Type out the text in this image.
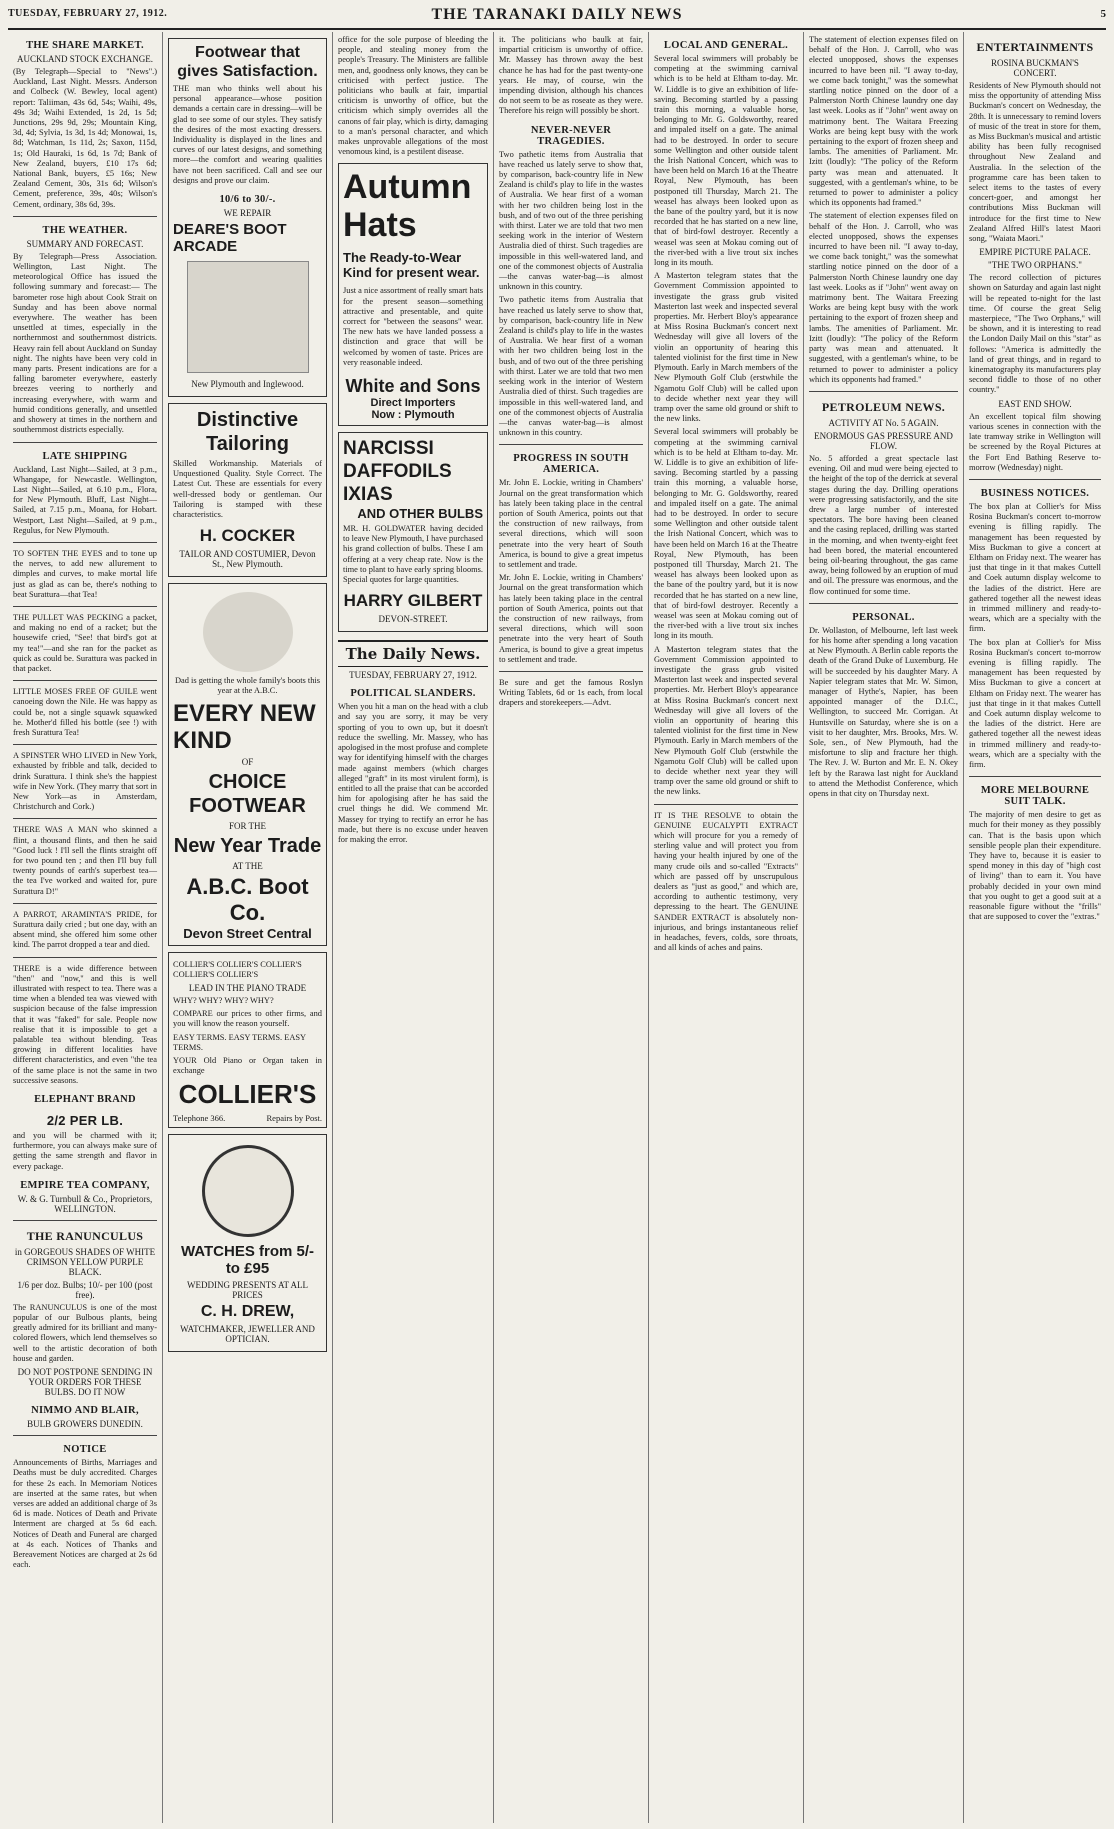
TUESDAY, FEBRUARY 27, 1912.	THE TARANAKI DAILY NEWS	5
THE SHARE MARKET.
AUCKLAND STOCK EXCHANGE.
(By Telegraph—Special to "News".) Auckland, Last Night. Messrs. Anderson and Colbeck (W. Bewley, local agent) report: Taliiman, 43s 6d, 54s; Waihi, 49s, 49s 3d; Waihi Extended, 1s 2d, 1s 5d; Junctions, 29s 9d, 29s; Mountain King, 3d, 4d; Sylvia, 1s 3d, 1s 4d; Monowai, 1s, 8d; Watchman, 1s 11d, 2s; Saxon, 115d, 1s; Old Hauraki, 1s 6d, 1s 7d; Bank of New Zealand, buyers, £10 17s 6d; National Bank, buyers, £5 16s; New Zealand Cement, 30s, 31s 6d; Wilson's Cement, preference, 39s, 40s; Wilson's Cement, ordinary, 38s 6d, 39s.
THE WEATHER.
SUMMARY AND FORECAST.
By Telegraph—Press Association. Wellington, Last Night. The meteorological Office has issued the following summary and forecast:— The barometer rose high about Cook Strait on Sunday and has been above normal everywhere. The weather has been unsettled at times, especially in the northernmost and southernmost districts. Heavy rain fell about Auckland on Sunday night. The nights have been very cold in many parts. Present indications are for a falling barometer everywhere, easterly breezes veering to northerly and increasing everywhere, with warm and humid conditions generally, and unsettled and showery at times in the northern and southernmost districts especially.
LATE SHIPPING
Auckland, Last Night—Sailed, at 3 p.m., Whangape, for Newcastle. Wellington, Last Night—Sailed, at 6.10 p.m., Flora, for New Plymouth. Bluff, Last Night—Sailed, at 7.15 p.m., Moana, for Hobart. Westport, Last Night—Sailed, at 9 p.m., Regulus, for New Plymouth.
TO SOFTEN THE EYES and to tone up the nerves, to add new allurement to dimples and curves, to make mortal life just as glad as can be, there's nothing to beat Surattura—that Tea!
THE PULLET WAS PECKING a packet, and making no end of a racket; but the housewife cried, "See! that bird's got at my tea!"—and she ran for the packet as quick as could be. Surattura was packed in that packet.
LITTLE MOSES FREE OF GUILE went canoeing down the Nile. He was happy as could be, not a single squawk squawked he. Mother'd filled his bottle (see !) with fresh Surattura Tea!
A SPINSTER WHO LIVED in New York, exhausted by fribble and talk, decided to drink Surattura. I think she's the happiest wife in New York. (They marry that sort in New York—as in Amsterdam, Christchurch and Cork.)
THERE WAS A MAN who skinned a flint, a thousand flints, and then he said "Good luck ! I'll sell the flints straight off for two pound ten ; and then I'll buy full twenty pounds of earth's superbest tea—the tea I've worked and waited for, pure Surattura D!"
A PARROT, ARAMINTA'S PRIDE, for Surattura daily cried ; but one day, with an absent mind, she offered him some other kind. The parrot dropped a tear and died.
THERE is a wide difference between "then" and "now," and this is well illustrated with respect to tea. There was a time when a blended tea was viewed with suspicion because of the false impression that it was "faked" for sale. People now realise that it is impossible to get a palatable tea without blending. Teas growing in different localities have different characteristics, and even "the tea of the same place is not the same in two successive seasons.
ELEPHANT BRAND
2/2 PER LB.
and you will be charmed with it; furthermore, you can always make sure of getting the same strength and flavor in every package.
EMPIRE TEA COMPANY,
W. & G. Turnbull & Co., Proprietors, WELLINGTON.
THE RANUNCULUS
in GORGEOUS SHADES OF WHITE CRIMSON YELLOW PURPLE BLACK.
1/6 per doz. Bulbs; 10/- per 100 (post free).
The RANUNCULUS is one of the most popular of our Bulbous plants, being greatly admired for its brilliant and many-colored flowers, which lend themselves so well to the artistic decoration of both house and garden.
DO NOT POSTPONE SENDING IN YOUR ORDERS FOR THESE BULBS. DO IT NOW
NIMMO AND BLAIR,
BULB GROWERS DUNEDIN.
NOTICE
Announcements of Births, Marriages and Deaths must be duly accredited. Charges for these 2s each. In Memoriam Notices are inserted at the same rates, but when verses are added an additional charge of 3s 6d is made. Notices of Death and Private Interment are charged at 5s 6d each. Notices of Death and Funeral are charged at 4s each. Notices of Thanks and Bereavement Notices are charged at 2s 6d each.
Footwear that gives Satisfaction.
THE man who thinks well about his personal appearance—whose position demands a certain care in dressing—will be glad to see some of our styles. They satisfy the desires of the most exacting dressers. Individuality is displayed in the lines and curves of our latest designs, and something more—the comfort and wearing qualities have not been sacrificed. Call and see our designs and prove our claim.
10/6 to 30/-.
WE REPAIR
DEARE'S BOOT ARCADE
New Plymouth and Inglewood.
Distinctive Tailoring
Skilled Workmanship. Materials of Unquestioned Quality. Style Correct. The Latest Cut. These are essentials for every well-dressed body or gentleman. Our Tailoring is stamped with these characteristics.
H. COCKER
TAILOR AND COSTUMIER, Devon St., New Plymouth.
Dad is getting the whole family's boots this year at the A.B.C.
EVERY NEW KIND
OF
CHOICE FOOTWEAR
FOR THE
New Year Trade
AT THE
A.B.C. Boot Co.
Devon Street Central
COLLIER'S COLLIER'S COLLIER'S COLLIER'S COLLIER'S
LEAD IN THE PIANO TRADE
WHY? WHY? WHY? WHY?
COMPARE our prices to other firms, and you will know the reason yourself.
EASY TERMS. EASY TERMS. EASY TERMS.
YOUR Old Piano or Organ taken in exchange
COLLIER'S
Telephone 366.	Repairs by Post.
WATCHES from 5/- to £95
WEDDING PRESENTS AT ALL PRICES
C. H. DREW,
WATCHMAKER, JEWELLER AND OPTICIAN.
office for the sole purpose of bleeding the people, and stealing money from the people's Treasury. The Ministers are fallible men, and, goodness only knows, they can be criticised with perfect justice. The politicians who baulk at fair, impartial criticism is unworthy of office, but the criticism which simply overrides all the canons of fair play, which is dirty, damaging to a man's personal character, and which makes unprovable allegations of the most venomous kind, is a pestilent disease.
Autumn Hats
The Ready-to-Wear Kind for present wear.
Just a nice assortment of really smart hats for the present season—something attractive and presentable, and quite correct for "between the seasons" wear. The new hats we have landed possess a distinction and grace that will be welcomed by women of taste. Prices are very reasonable indeed.
White and Sons
Direct Importers
Now : Plymouth
NARCISSI DAFFODILS IXIAS
AND OTHER BULBS
MR. H. GOLDWATER having decided to leave New Plymouth, I have purchased his grand collection of bulbs. These I am offering at a very cheap rate. Now is the time to plant to have early spring blooms. Special quotes for large quantities.
HARRY GILBERT
DEVON-STREET.
The Daily News.
TUESDAY, FEBRUARY 27, 1912.
POLITICAL SLANDERS.
When you hit a man on the head with a club and say you are sorry, it may be very sporting of you to own up, but it doesn't reduce the swelling. Mr. Massey, who has apologised in the most profuse and complete way for identifying himself with the charges made against members (which charges alleged "graft" in its most virulent form), is entitled to all the praise that can be accorded him for apologising after he has said the cruel things he did. We commend Mr. Massey for trying to rectify an error he has made, but there is no excuse under heaven for making the error.
it. The politicians who baulk at fair, impartial criticism is unworthy of office. Mr. Massey has thrown away the best chance he has had for the past twenty-one years. He may, of course, win the impending division, although his chances do not seem to be as roseate as they were. Therefore his reign will possibly be short.
NEVER-NEVER TRAGEDIES.
Two pathetic items from Australia that have reached us lately serve to show that, by comparison, back-country life in New Zealand is child's play to life in the wastes of Australia. We hear first of a woman with her two children being lost in the bush, and of two out of the three perishing with thirst. Later we are told that two men seeking work in the interior of Western Australia died of thirst. Such tragedies are impossible in this well-watered land, and one of the commonest objects of Australia—the canvas water-bag—is almost unknown in this country.
Two pathetic items from Australia that have reached us lately serve to show that, by comparison, back-country life in New Zealand is child's play to life in the wastes of Australia. We hear first of a woman with her two children being lost in the bush, and of two out of the three perishing with thirst. Later we are told that two men seeking work in the interior of Western Australia died of thirst. Such tragedies are impossible in this well-watered land, and one of the commonest objects of Australia—the canvas water-bag—is almost unknown in this country.
PROGRESS IN SOUTH AMERICA.
Mr. John E. Lockie, writing in Chambers' Journal on the great transformation which has lately been taking place in the central portion of South America, points out that the construction of new railways, from several directions, which will soon penetrate into the very heart of South America, is bound to give a great impetus to settlement and trade.
Mr. John E. Lockie, writing in Chambers' Journal on the great transformation which has lately been taking place in the central portion of South America, points out that the construction of new railways, from several directions, which will soon penetrate into the very heart of South America, is bound to give a great impetus to settlement and trade.
Be sure and get the famous Roslyn Writing Tablets, 6d or 1s each, from local drapers and storekeepers.—Advt.
LOCAL AND GENERAL.
Several local swimmers will probably be competing at the swimming carnival which is to be held at Eltham to-day. Mr. W. Liddle is to give an exhibition of life-saving. Becoming startled by a passing train this morning, a valuable horse, belonging to Mr. G. Goldsworthy, reared and impaled itself on a gate. The animal had to be destroyed. In order to secure some Wellington and other outside talent the Irish National Concert, which was to have been held on March 16 at the Theatre Royal, New Plymouth, has been postponed till Thursday, March 21. The weasel has always been looked upon as the bane of the poultry yard, but it is now recorded that he has started on a new line, that of bird-fowl destroyer. Recently a weasel was seen at Mokau coming out of the river-bed with a live trout six inches long in its mouth.
A Masterton telegram states that the Government Commission appointed to investigate the grass grub visited Masterton last week and inspected several properties. Mr. Herbert Bloy's appearance at Miss Rosina Buckman's concert next Wednesday will give all lovers of the violin an opportunity of hearing this talented violinist for the first time in New Plymouth. Early in March members of the New Plymouth Golf Club (erstwhile the Ngamotu Golf Club) will be called upon to decide whether next year they will tramp over the same old ground or shift to the new links.
Several local swimmers will probably be competing at the swimming carnival which is to be held at Eltham to-day. Mr. W. Liddle is to give an exhibition of life-saving. Becoming startled by a passing train this morning, a valuable horse, belonging to Mr. G. Goldsworthy, reared and impaled itself on a gate. The animal had to be destroyed. In order to secure some Wellington and other outside talent the Irish National Concert, which was to have been held on March 16 at the Theatre Royal, New Plymouth, has been postponed till Thursday, March 21. The weasel has always been looked upon as the bane of the poultry yard, but it is now recorded that he has started on a new line, that of bird-fowl destroyer. Recently a weasel was seen at Mokau coming out of the river-bed with a live trout six inches long in its mouth.
A Masterton telegram states that the Government Commission appointed to investigate the grass grub visited Masterton last week and inspected several properties. Mr. Herbert Bloy's appearance at Miss Rosina Buckman's concert next Wednesday will give all lovers of the violin an opportunity of hearing this talented violinist for the first time in New Plymouth. Early in March members of the New Plymouth Golf Club (erstwhile the Ngamotu Golf Club) will be called upon to decide whether next year they will tramp over the same old ground or shift to the new links.
IT IS THE RESOLVE to obtain the GENUINE EUCALYPTI EXTRACT which will procure for you a remedy of sterling value and will protect you from having your health injured by one of the many crude oils and so-called "Extracts" which are passed off by unscrupulous dealers as "just as good," and which are, according to authentic testimony, very depressing to the heart. The GENUINE SANDER EXTRACT is absolutely non-injurious, and brings instantaneous relief in headaches, fevers, colds, sore throats, and all kinds of aches and pains.
The statement of election expenses filed on behalf of the Hon. J. Carroll, who was elected unopposed, shows the expenses incurred to have been nil. "I away to-day, we come back tonight," was the somewhat startling notice pinned on the door of a Palmerston North Chinese laundry one day last week. Looks as if "John" went away on matrimony bent. The Waitara Freezing Works are being kept busy with the work pertaining to the export of frozen sheep and lambs. The amenities of Parliament. Mr. Izitt (loudly): "The policy of the Reform party was mean and attenuated. It suggested, with a gentleman's whine, to be returned to power to administer a policy which its opponents had framed."
The statement of election expenses filed on behalf of the Hon. J. Carroll, who was elected unopposed, shows the expenses incurred to have been nil. "I away to-day, we come back tonight," was the somewhat startling notice pinned on the door of a Palmerston North Chinese laundry one day last week. Looks as if "John" went away on matrimony bent. The Waitara Freezing Works are being kept busy with the work pertaining to the export of frozen sheep and lambs. The amenities of Parliament. Mr. Izitt (loudly): "The policy of the Reform party was mean and attenuated. It suggested, with a gentleman's whine, to be returned to power to administer a policy which its opponents had framed."
PETROLEUM NEWS.
ACTIVITY AT No. 5 AGAIN.
ENORMOUS GAS PRESSURE AND FLOW.
No. 5 afforded a great spectacle last evening. Oil and mud were being ejected to the height of the top of the derrick at several stages during the day. Drilling operations were progressing satisfactorily, and the site drew a large number of interested spectators. The bore having been cleaned and the casing replaced, drilling was started in the morning, and when twenty-eight feet had been bored, the material encountered being oil-bearing throughout, the gas came away, being followed by an eruption of mud and oil. The pressure was enormous, and the flow continued for some time.
PERSONAL.
Dr. Wollaston, of Melbourne, left last week for his home after spending a long vacation at New Plymouth. A Berlin cable reports the death of the Grand Duke of Luxemburg. He will be succeeded by his daughter Mary. A Napier telegram states that Mr. W. Simon, manager of Hythe's, Napier, has been appointed manager of the D.I.C., Wellington, to succeed Mr. Corrigan. At Huntsville on Saturday, where she is on a visit to her daughter, Mrs. Brooks, Mrs. W. Sole, sen., of New Plymouth, had the misfortune to slip and fracture her thigh. The Rev. J. W. Burton and Mr. E. N. Okey left by the Rarawa last night for Auckland to attend the Methodist Conference, which opens in that city on Thursday next.
ENTERTAINMENTS
ROSINA BUCKMAN'S CONCERT.
Residents of New Plymouth should not miss the opportunity of attending Miss Buckman's concert on Wednesday, the 28th. It is unnecessary to remind lovers of music of the treat in store for them, as Miss Buckman's musical and artistic ability has been fully recognised throughout New Zealand and Australia. In the selection of the programme care has been taken to select items to the tastes of every concert-goer, and amongst her contributions Miss Buckman will introduce for the first time to New Zealand Alfred Hill's latest Maori song, "Waiata Maori."
EMPIRE PICTURE PALACE.
"THE TWO ORPHANS."
The record collection of pictures shown on Saturday and again last night will be repeated to-night for the last time. Of course the great Selig masterpiece, "The Two Orphans," will be shown, and it is interesting to read the London Daily Mail on this "star" as follows: "America is admittedly the land of great things, and in regard to kinematography its manufacturers play second fiddle to those of no other country."
EAST END SHOW.
An excellent topical film showing various scenes in connection with the late tramway strike in Wellington will be screened by the Royal Pictures at the Fort End Bathing Reserve to-morrow (Wednesday) night.
BUSINESS NOTICES.
The box plan at Collier's for Miss Rosina Buckman's concert to-morrow evening is filling rapidly. The management has been requested by Miss Buckman to give a concert at Eltham on Friday next. The wearer has just that tinge in it that makes Cuttell and Coek autumn display welcome to the ladies of the district. Here are gathered together all the newest ideas in trimmed millinery and ready-to-wears, which are a specialty with the firm.
The box plan at Collier's for Miss Rosina Buckman's concert to-morrow evening is filling rapidly. The management has been requested by Miss Buckman to give a concert at Eltham on Friday next. The wearer has just that tinge in it that makes Cuttell and Coek autumn display welcome to the ladies of the district. Here are gathered together all the newest ideas in trimmed millinery and ready-to-wears, which are a specialty with the firm.
MORE MELBOURNE SUIT TALK.
The majority of men desire to get as much for their money as they possibly can. That is the basis upon which sensible people plan their expenditure. They have to, because it is easier to spend money in this day of "high cost of living" than to earn it. You have probably decided in your own mind that you ought to get a good suit at a reasonable figure without the "frills" that are supposed to cover the "extras."
